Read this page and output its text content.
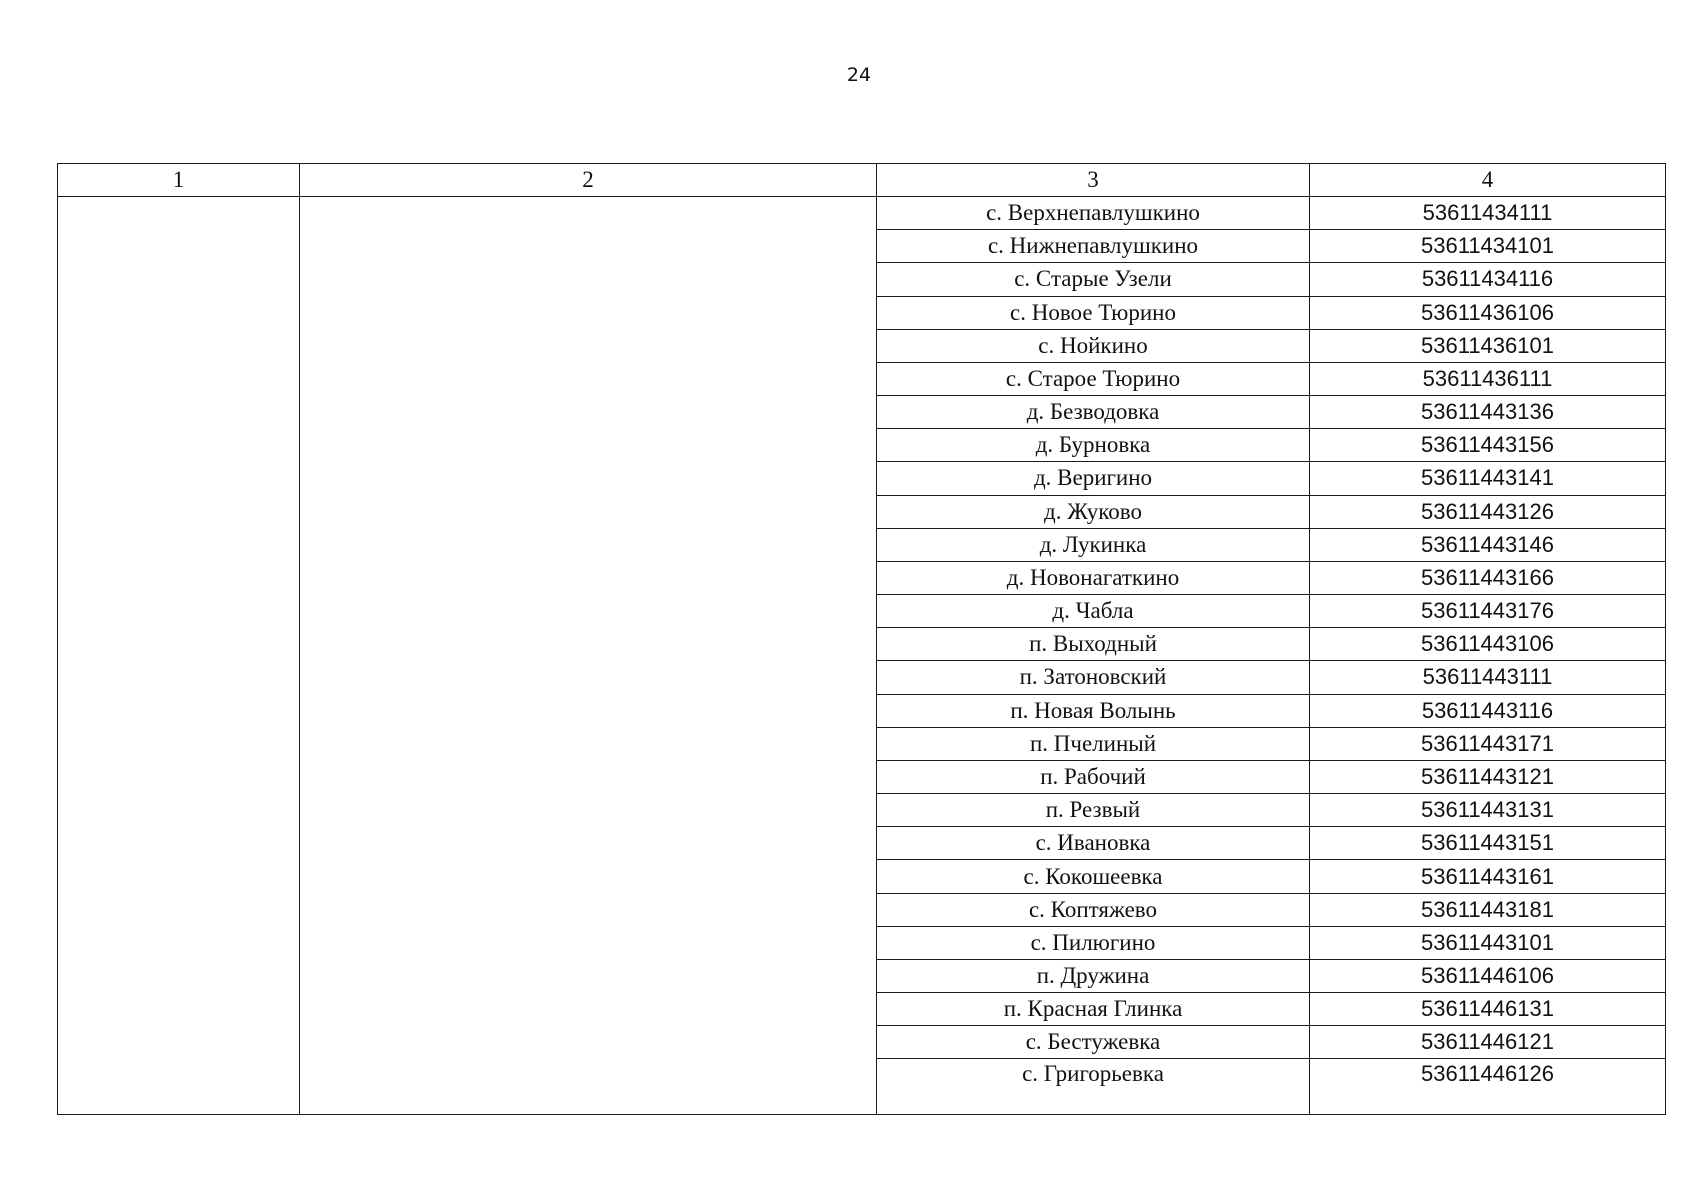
24
1	2	3	4
		с. Верхнепавлушкино	53611434111
		с. Нижнепавлушкино	53611434101
		с. Старые Узели	53611434116
		с. Новое Тюрино	53611436106
		с. Нойкино	53611436101
		с. Старое Тюрино	53611436111
		д. Безводовка	53611443136
		д. Бурновка	53611443156
		д. Веригино	53611443141
		д. Жуково	53611443126
		д. Лукинка	53611443146
		д. Новонагаткино	53611443166
		д. Чабла	53611443176
		п. Выходный	53611443106
		п. Затоновский	53611443111
		п. Новая Волынь	53611443116
		п. Пчелиный	53611443171
		п. Рабочий	53611443121
		п. Резвый	53611443131
		с. Ивановка	53611443151
		с. Кокошеевка	53611443161
		с. Коптяжево	53611443181
		с. Пилюгино	53611443101
		п. Дружина	53611446106
		п. Красная Глинка	53611446131
		с. Бестужевка	53611446121
		с. Григорьевка	53611446126
